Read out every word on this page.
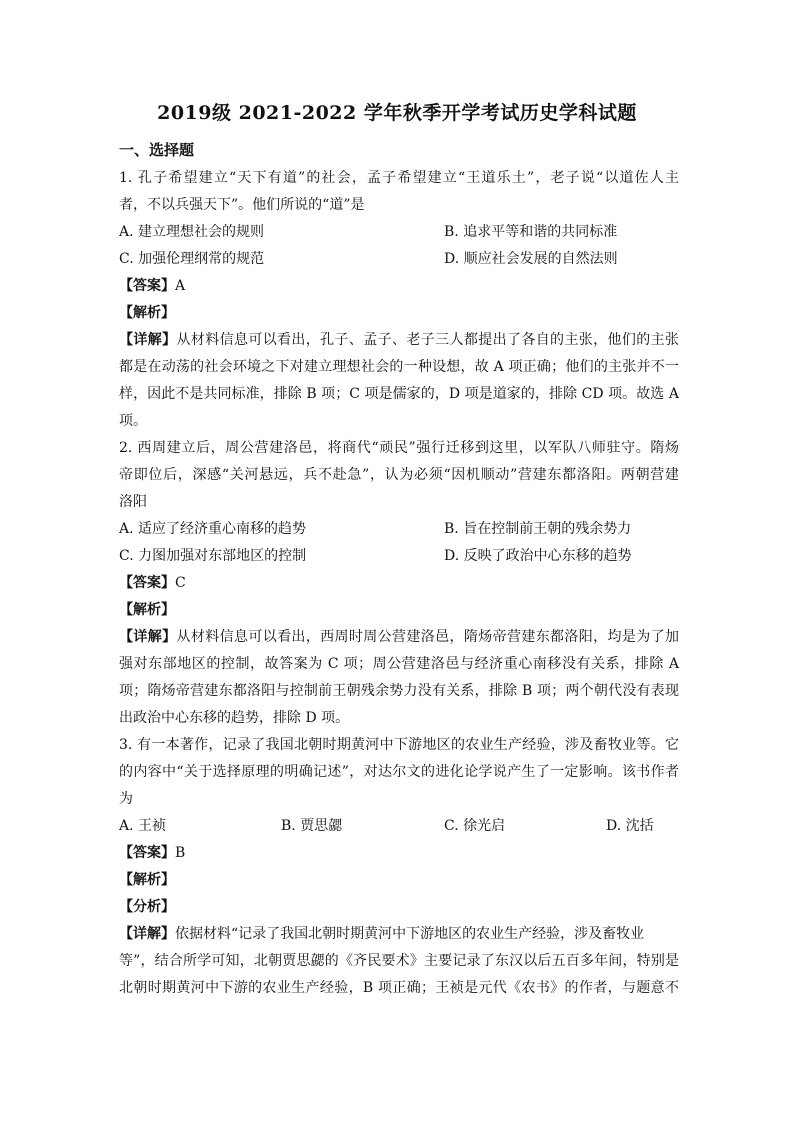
2019级 2021-2022 学年秋季开学考试历史学科试题
一、选择题
1. 孔子希望建立“天下有道”的社会，孟子希望建立“王道乐土”，老子说“以道佐人主
者，不以兵强天下”。他们所说的“道”是
A. 建立理想社会的规则	B. 追求平等和谐的共同标准
C. 加强伦理纲常的规范	D. 顺应社会发展的自然法则
【答案】A
【解析】
【详解】从材料信息可以看出，孔子、孟子、老子三人都提出了各自的主张，他们的主张
都是在动荡的社会环境之下对建立理想社会的一种设想，故 A 项正确；他们的主张并不一
样，因此不是共同标准，排除 B 项；C 项是儒家的，D 项是道家的，排除 CD 项。故选 A
项。
2. 西周建立后，周公营建洛邑，将商代“顽民”强行迁移到这里，以军队八师驻守。隋炀
帝即位后，深感“关河悬远，兵不赴急”，认为必须“因机顺动”营建东都洛阳。两朝营建
洛阳
A. 适应了经济重心南移的趋势	B. 旨在控制前王朝的残余势力
C. 力图加强对东部地区的控制	D. 反映了政治中心东移的趋势
【答案】C
【解析】
【详解】从材料信息可以看出，西周时周公营建洛邑，隋炀帝营建东都洛阳，均是为了加
强对东部地区的控制，故答案为 C 项；周公营建洛邑与经济重心南移没有关系，排除 A
项；隋炀帝营建东都洛阳与控制前王朝残余势力没有关系，排除 B 项；两个朝代没有表现
出政治中心东移的趋势，排除 D 项。
3. 有一本著作，记录了我国北朝时期黄河中下游地区的农业生产经验，涉及畜牧业等。它
的内容中“关于选择原理的明确记述”，对达尔文的进化论学说产生了一定影响。该书作者
为
A. 王祯	B. 贾思勰	C. 徐光启	D. 沈括
【答案】B
【解析】
【分析】
【详解】依据材料“记录了我国北朝时期黄河中下游地区的农业生产经验，涉及畜牧业
等”，结合所学可知，北朝贾思勰的《齐民要术》主要记录了东汉以后五百多年间，特别是
北朝时期黄河中下游的农业生产经验，B 项正确；王祯是元代《农书》的作者，与题意不
